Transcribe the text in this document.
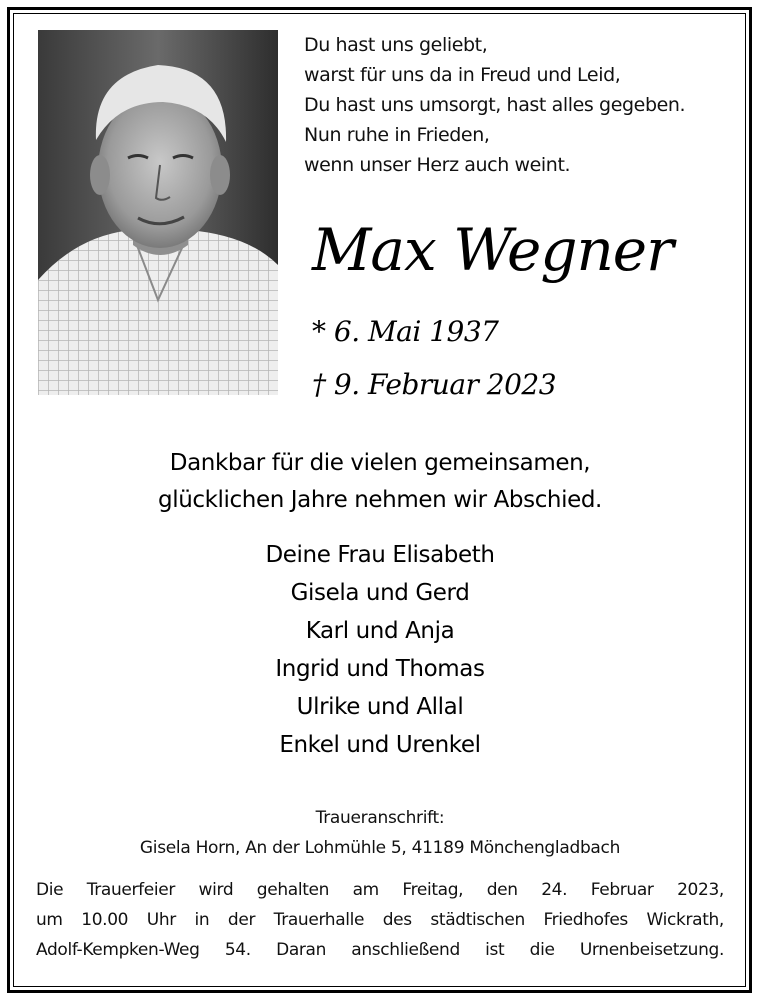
Du hast uns geliebt,
warst für uns da in Freud und Leid,
Du hast uns umsorgt, hast alles gegeben.
Nun ruhe in Frieden,
wenn unser Herz auch weint.
Max Wegner
* 6. Mai 1937
† 9. Februar 2023
Dankbar für die vielen gemeinsamen,
glücklichen Jahre nehmen wir Abschied.
Deine Frau Elisabeth
Gisela und Gerd
Karl und Anja
Ingrid und Thomas
Ulrike und Allal
Enkel und Urenkel
Traueranschrift:
Gisela Horn, An der Lohmühle 5, 41189 Mönchengladbach
Die Trauerfeier wird gehalten am Freitag, den 24. Februar 2023,
um 10.00 Uhr in der Trauerhalle des städtischen Friedhofes Wickrath,
Adolf-Kempken-Weg 54. Daran anschließend ist die Urnenbeisetzung.
